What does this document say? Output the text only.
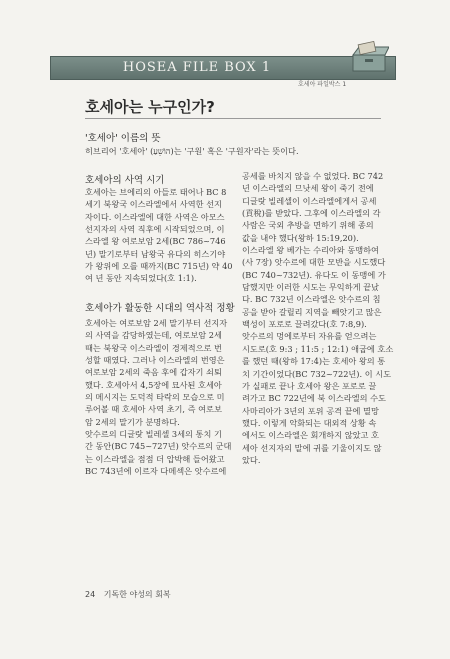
HOSEA FILE BOX 1
호세아 파일박스 1
호세아는 누구인가?
'호세아' 이름의 뜻

히브리어 '호세아' (הוֹשֵׁעַ)는 '구원' 혹은 '구원자'라는 뜻이다.

호세아의 사역 시기

호세아는 브에리의 아들로 태어나 BC 8

세기 북왕국 이스라엘에서 사역한 선지

자이다. 이스라엘에 대한 사역은 아모스

선지자의 사역 직후에 시작되었으며, 이

스라엘 왕 여로보암 2세(BC 786~746

년) 말기로부터 남왕국 유다의 히스기야

가 왕위에 오를 때까지(BC 715년) 약 40

여 년 동안 지속되었다(호 1:1).

호세아가 활동한 시대의 역사적 정황

호세아는 여로보암 2세 말기부터 선지자

의 사역을 감당하였는데, 여로보암 2세

때는 북왕국 이스라엘이 경제적으로 번

성할 때였다. 그러나 이스라엘의 번영은

여로보암 2세의 죽음 후에 갑자기 쇠퇴

했다. 호세아서 4,5장에 묘사된 호세아

의 메시지는 도덕적 타락의 모습으로 미

루어볼 때 호세아 사역 초기, 즉 여로보

암 2세의 말기가 분명하다.

앗수르의 디글랏 빌레셀 3세의 통치 기

간 동안(BC 745~727년) 앗수르의 군대

는 이스라엘을 점점 더 압박해 들어왔고

BC 743년에 이르자 다메섹은 앗수르에

공세를 바치지 않을 수 없었다. BC 742

년 이스라엘의 므낫세 왕이 죽기 전에

디글랏 빌레셀이 이스라엘에게서 공세

(貢稅)를 받았다. 그후에 이스라엘의 각

사람은 국외 추방을 면하기 위해 종의

값을 내야 했다(왕하 15:19,20).

이스라엘 왕 베가는 수리아와 동맹하여

(사 7장) 앗수르에 대한 모반을 시도했다

(BC 740~732년). 유다도 이 동맹에 가

담했지만 이러한 시도는 무익하게 끝났

다. BC 732년 이스라엘은 앗수르의 침

공을 받아 갈릴리 지역을 빼앗기고 많은

백성이 포로로 끌려갔다(호 7:8,9).

앗수르의 멍에로부터 자유를 얻으려는

시도로(호 9:3 ; 11:5 ; 12:1) 애굽에 호소

를 했던 때(왕하 17:4)는 호세아 왕의 통

치 기간이었다(BC 732~722년). 이 시도

가 실패로 끝나 호세아 왕은 포로로 끌

려가고 BC 722년에 북 이스라엘의 수도

사마리아가 3년의 포위 공격 끝에 멸망

했다. 이렇게 악화되는 대외적 상황 속

에서도 이스라엘은 회개하지 않았고 호

세아 선지자의 말에 귀를 기울이지도 않

았다.

24 기독한 야성의 회복
